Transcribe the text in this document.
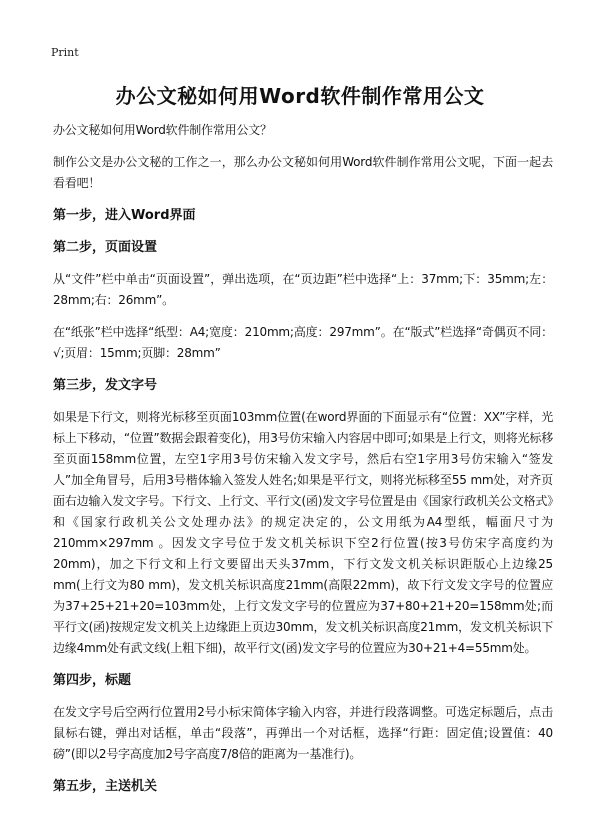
Print
办公文秘如何用Word软件制作常用公文

办公文秘如何用Word软件制作常用公文？

制作公文是办公文秘的工作之一，那么办公文秘如何用Word软件制作常用公文呢，下面一起去看看吧！

第一步，进入Word界面

第二步，页面设置

从“文件”栏中单击“页面设置”，弹出选项，在“页边距”栏中选择“上：37mm;下：35mm;左：28mm;右：26mm”。

在“纸张”栏中选择“纸型：A4;宽度：210mm;高度：297mm”。在“版式”栏选择“奇偶页不同：√;页眉：15mm;页脚：28mm”

第三步，发文字号

如果是下行文，则将光标移至页面103mm位置(在word界面的下面显示有“位置：XX”字样，光标上下移动，“位置”数据会跟着变化)，用3号仿宋输入内容居中即可;如果是上行文，则将光标移至页面158mm位置，左空1字用3号仿宋输入发文字号，然后右空1字用3号仿宋输入“签发人”加全角冒号，后用3号楷体输入签发人姓名;如果是平行文，则将光标移至55 mm处，对齐页面右边输入发文字号。下行文、上行文、平行文(函)发文字号位置是由《国家行政机关公文格式》和《国家行政机关公文处理办法》的规定决定的，公文用纸为A4型纸，幅面尺寸为210mm×297mm 。因发文字号位于发文机关标识下空2行位置(按3号仿宋字高度约为20mm)，加之下行文和上行文要留出天头37mm，下行文发文机关标识距版心上边缘25 mm(上行文为80 mm)，发文机关标识高度21mm(高限22mm)，故下行文发文字号的位置应为37+25+21+20=103mm处，上行文发文字号的位置应为37+80+21+20=158mm处;而平行文(函)按规定发文机关上边缘距上页边30mm，发文机关标识高度21mm，发文机关标识下边缘4mm处有武文线(上粗下细)，故平行文(函)发文字号的位置应为30+21+4=55mm处。

第四步，标题

在发文字号后空两行位置用2号小标宋简体字输入内容，并进行段落调整。可选定标题后，点击鼠标右键，弹出对话框，单击“段落”，再弹出一个对话框，选择“行距：固定值;设置值：40磅”(即以2号字高度加2号字高度7/8倍的距离为一基准行)。

第五步，主送机关
